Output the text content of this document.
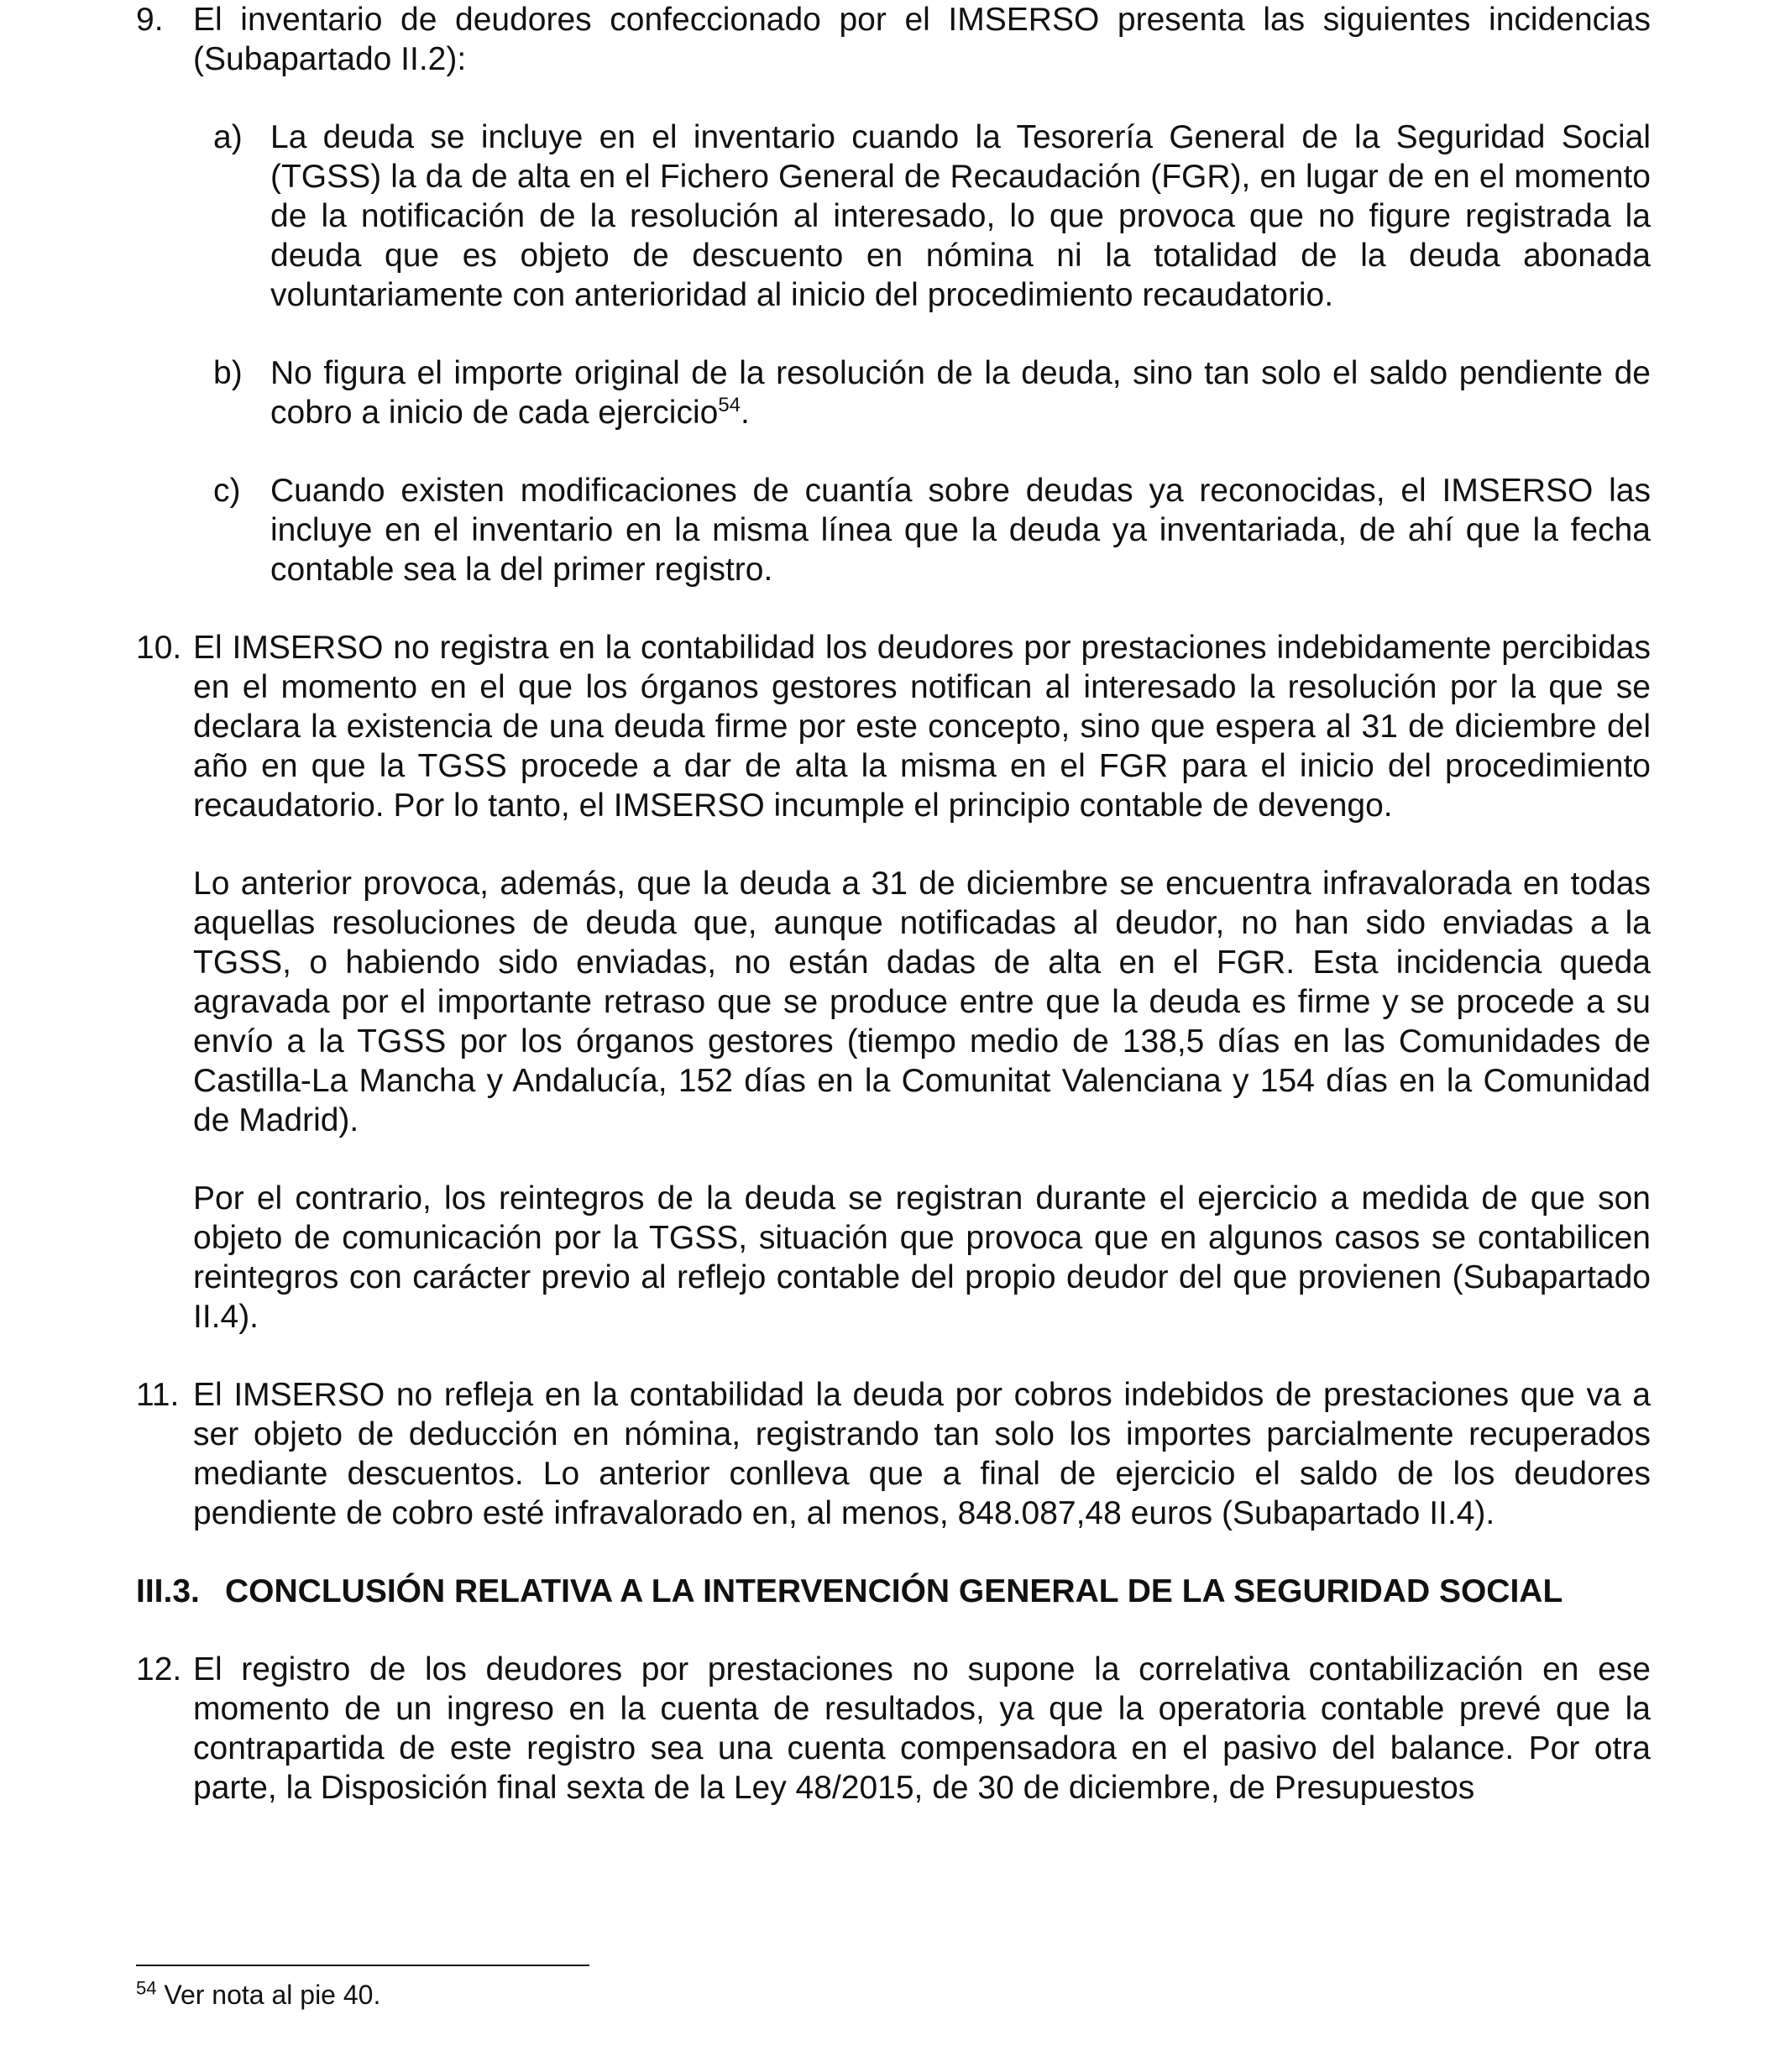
9. El inventario de deudores confeccionado por el IMSERSO presenta las siguientes incidencias (Subapartado II.2):
a) La deuda se incluye en el inventario cuando la Tesorería General de la Seguridad Social (TGSS) la da de alta en el Fichero General de Recaudación (FGR), en lugar de en el momento de la notificación de la resolución al interesado, lo que provoca que no figure registrada la deuda que es objeto de descuento en nómina ni la totalidad de la deuda abonada voluntariamente con anterioridad al inicio del procedimiento recaudatorio.
b) No figura el importe original de la resolución de la deuda, sino tan solo el saldo pendiente de cobro a inicio de cada ejercicio$^{54}$.
c) Cuando existen modificaciones de cuantía sobre deudas ya reconocidas, el IMSERSO las incluye en el inventario en la misma línea que la deuda ya inventariada, de ahí que la fecha contable sea la del primer registro.
10. El IMSERSO no registra en la contabilidad los deudores por prestaciones indebidamente percibidas en el momento en el que los órganos gestores notifican al interesado la resolución por la que se declara la existencia de una deuda firme por este concepto, sino que espera al 31 de diciembre del año en que la TGSS procede a dar de alta la misma en el FGR para el inicio del procedimiento recaudatorio. Por lo tanto, el IMSERSO incumple el principio contable de devengo.
Lo anterior provoca, además, que la deuda a 31 de diciembre se encuentra infravalorada en todas aquellas resoluciones de deuda que, aunque notificadas al deudor, no han sido enviadas a la TGSS, o habiendo sido enviadas, no están dadas de alta en el FGR. Esta incidencia queda agravada por el importante retraso que se produce entre que la deuda es firme y se procede a su envío a la TGSS por los órganos gestores (tiempo medio de 138,5 días en las Comunidades de Castilla-La Mancha y Andalucía, 152 días en la Comunitat Valenciana y 154 días en la Comunidad de Madrid).
Por el contrario, los reintegros de la deuda se registran durante el ejercicio a medida de que son objeto de comunicación por la TGSS, situación que provoca que en algunos casos se contabilicen reintegros con carácter previo al reflejo contable del propio deudor del que provienen (Subapartado II.4).
11. El IMSERSO no refleja en la contabilidad la deuda por cobros indebidos de prestaciones que va a ser objeto de deducción en nómina, registrando tan solo los importes parcialmente recuperados mediante descuentos. Lo anterior conlleva que a final de ejercicio el saldo de los deudores pendiente de cobro esté infravalorado en, al menos, 848.087,48 euros (Subapartado II.4).
III.3. CONCLUSIÓN RELATIVA A LA INTERVENCIÓN GENERAL DE LA SEGURIDAD SOCIAL
12. El registro de los deudores por prestaciones no supone la correlativa contabilización en ese momento de un ingreso en la cuenta de resultados, ya que la operatoria contable prevé que la contrapartida de este registro sea una cuenta compensadora en el pasivo del balance. Por otra parte, la Disposición final sexta de la Ley 48/2015, de 30 de diciembre, de Presupuestos
$^{54}$ Ver nota al pie 40.
